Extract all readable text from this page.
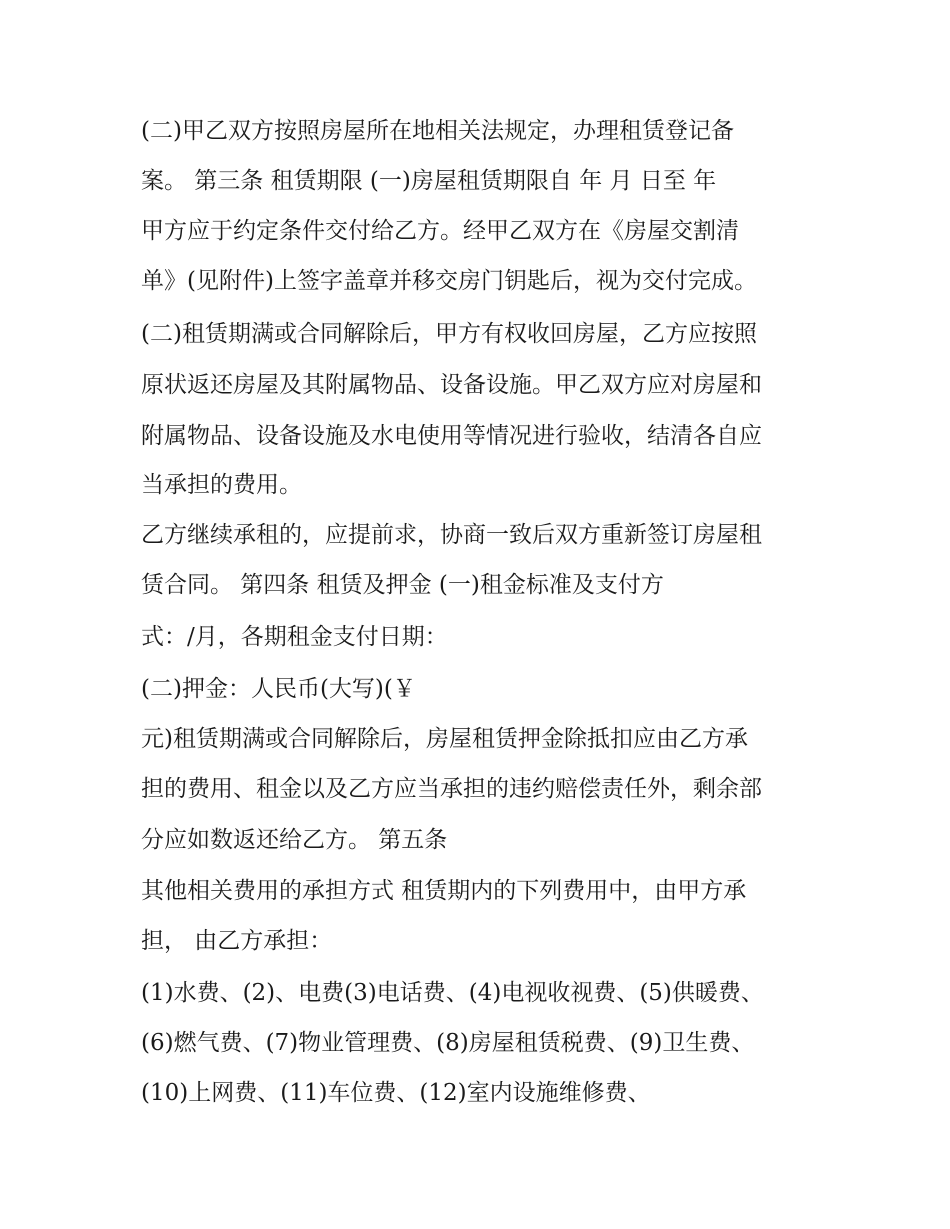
(二)甲乙双方按照房屋所在地相关法规定，办理租赁登记备

案。 第三条 租赁期限 (一)房屋租赁期限自 年 月 日至 年

甲方应于约定条件交付给乙方。经甲乙双方在《房屋交割清

单》(见附件)上签字盖章并移交房门钥匙后，视为交付完成。

(二)租赁期满或合同解除后，甲方有权收回房屋，乙方应按照

原状返还房屋及其附属物品、设备设施。甲乙双方应对房屋和

附属物品、设备设施及水电使用等情况进行验收，结清各自应

当承担的费用。

乙方继续承租的，应提前求，协商一致后双方重新签订房屋租

赁合同。 第四条 租赁及押金 (一)租金标准及支付方

式：/月，各期租金支付日期：

(二)押金：人民币(大写)(￥

元)租赁期满或合同解除后，房屋租赁押金除抵扣应由乙方承

担的费用、租金以及乙方应当承担的违约赔偿责任外，剩余部

分应如数返还给乙方。 第五条

其他相关费用的承担方式 租赁期内的下列费用中，由甲方承

担， 由乙方承担：

(1)水费、(2)、电费(3)电话费、(4)电视收视费、(5)供暖费、

(6)燃气费、(7)物业管理费、(8)房屋租赁税费、(9)卫生费、

(10)上网费、(11)车位费、(12)室内设施维修费、
